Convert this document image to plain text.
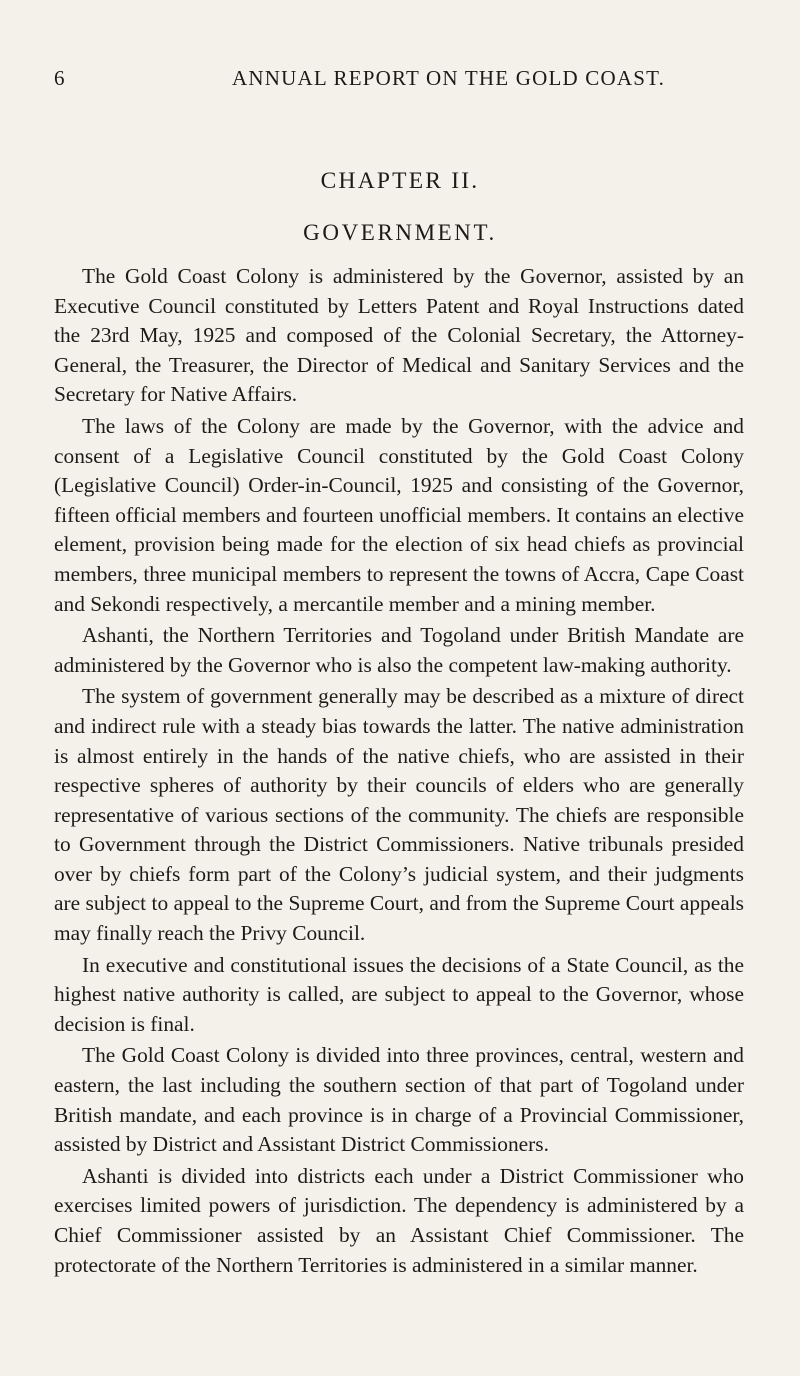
6	ANNUAL REPORT ON THE GOLD COAST.
CHAPTER II.
GOVERNMENT.

The Gold Coast Colony is administered by the Governor, assisted by an Executive Council constituted by Letters Patent and Royal Instructions dated the 23rd May, 1925 and composed of the Colonial Secretary, the Attorney-General, the Treasurer, the Director of Medical and Sanitary Services and the Secretary for Native Affairs.

The laws of the Colony are made by the Governor, with the advice and consent of a Legislative Council constituted by the Gold Coast Colony (Legislative Council) Order-in-Council, 1925 and consisting of the Governor, fifteen official members and fourteen unofficial members. It contains an elective element, provision being made for the election of six head chiefs as provincial members, three municipal members to represent the towns of Accra, Cape Coast and Sekondi respectively, a mercantile member and a mining member.

Ashanti, the Northern Territories and Togoland under British Mandate are administered by the Governor who is also the competent law-making authority.

The system of government generally may be described as a mixture of direct and indirect rule with a steady bias towards the latter. The native administration is almost entirely in the hands of the native chiefs, who are assisted in their respective spheres of authority by their councils of elders who are generally representative of various sections of the community. The chiefs are responsible to Government through the District Commissioners. Native tribunals presided over by chiefs form part of the Colony’s judicial system, and their judgments are subject to appeal to the Supreme Court, and from the Supreme Court appeals may finally reach the Privy Council.

In executive and constitutional issues the decisions of a State Council, as the highest native authority is called, are subject to appeal to the Governor, whose decision is final.

The Gold Coast Colony is divided into three provinces, central, western and eastern, the last including the southern section of that part of Togoland under British mandate, and each province is in charge of a Provincial Commissioner, assisted by District and Assistant District Commissioners.

Ashanti is divided into districts each under a District Commissioner who exercises limited powers of jurisdiction. The dependency is administered by a Chief Commissioner assisted by an Assistant Chief Commissioner. The protectorate of the Northern Territories is administered in a similar manner.
